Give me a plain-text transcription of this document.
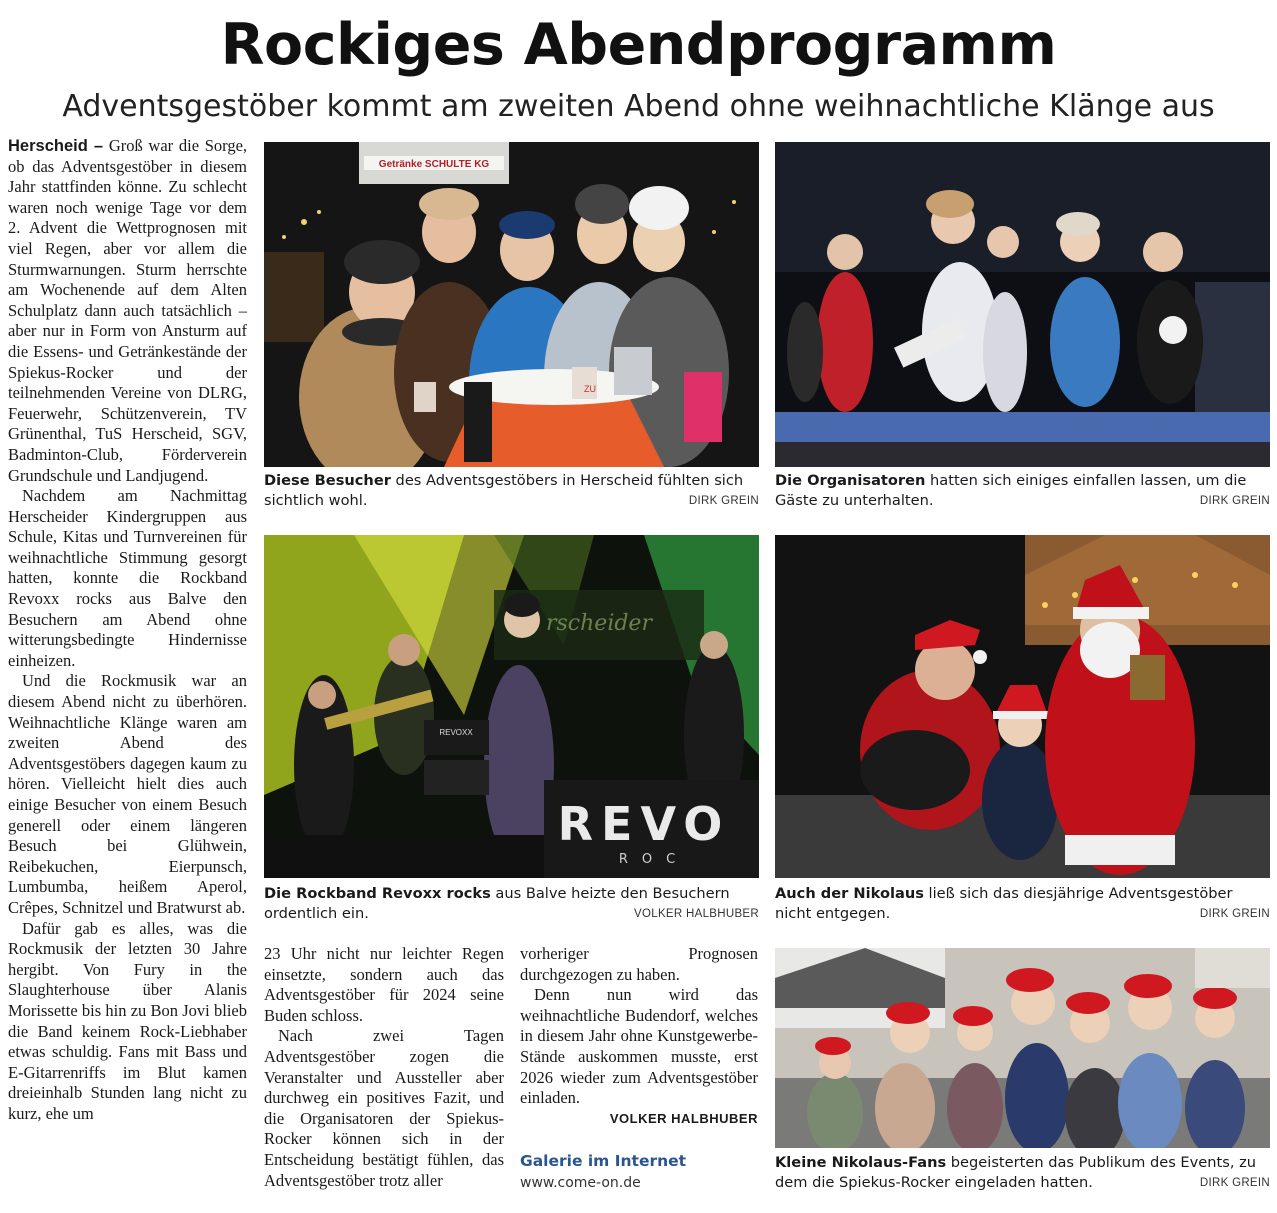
Rockiges Abendprogramm
Adventsgestöber kommt am zweiten Abend ohne weihnachtliche Klänge aus

Herscheid – Groß war die Sorge, ob das Adventsgestöber in diesem Jahr stattfinden könne. Zu schlecht waren noch wenige Tage vor dem 2. Advent die Wettprognosen mit viel Regen, aber vor allem die Sturmwarnungen. Sturm herrschte am Wochenende auf dem Alten Schulplatz dann auch tatsächlich – aber nur in Form von Ansturm auf die Essens- und Getränkestände der Spiekus-Rocker und der teilnehmenden Vereine von DLRG, Feuerwehr, Schützenverein, TV Grünenthal, TuS Herscheid, SGV, Badminton-Club, Förderverein Grundschule und Landjugend.

Nachdem am Nachmittag Herscheider Kindergruppen aus Schule, Kitas und Turnvereinen für weihnachtliche Stimmung gesorgt hatten, konnte die Rockband Revoxx rocks aus Balve den Besuchern am Abend ohne witterungsbedingte Hindernisse einheizen.

Und die Rockmusik war an diesem Abend nicht zu überhören. Weihnachtliche Klänge waren am zweiten Abend des Adventsgestöbers dagegen kaum zu hören. Vielleicht hielt dies auch einige Besucher von einem Besuch generell oder einem längeren Besuch bei Glühwein, Reibekuchen, Eierpunsch, Lumbumba, heißem Aperol, Crêpes, Schnitzel und Bratwurst ab.

Dafür gab es alles, was die Rockmusik der letzten 30 Jahre hergibt. Von Fury in the Slaughterhouse über Alanis Morissette bis hin zu Bon Jovi blieb die Band keinem Rock-Liebhaber etwas schuldig. Fans mit Bass und E-Gitarrenriffs im Blut kamen dreieinhalb Stunden lang nicht zu kurz, ehe um

23 Uhr nicht nur leichter Regen einsetzte, sondern auch das Adventsgestöber für 2024 seine Buden schloss.

Nach zwei Tagen Adventsgestöber zogen die Veranstalter und Aussteller aber durchweg ein positives Fazit, und die Organisatoren der Spiekus-Rocker können sich in der Entscheidung bestätigt fühlen, das Adventsgestöber trotz aller

vorheriger Prognosen durchgezogen zu haben.

Denn nun wird das weihnachtliche Budendorf, welches in diesem Jahr ohne Kunstgewerbe-Stände auskommen musste, erst 2026 wieder zum Adventsgestöber einladen.

VOLKER HALBHUBER

Galerie im Internet
www.come-on.de
Getränke SCHULTE KG
ZU
Diese Besucher des Adventsgestöbers in Herscheid fühlten sich sichtlich wohl.	DIRK GREIN
Die Organisatoren hatten sich einiges einfallen lassen, um die Gäste zu unterhalten.	DIRK GREIN
rscheider
REVOXX
REVO
ROC
Die Rockband Revoxx rocks aus Balve heizte den Besuchern ordentlich ein.	VOLKER HALBHUBER
Auch der Nikolaus ließ sich das diesjährige Adventsgestöber nicht entgegen.	DIRK GREIN
Kleine Nikolaus-Fans begeisterten das Publikum des Events, zu dem die Spiekus-Rocker eingeladen hatten.	DIRK GREIN
